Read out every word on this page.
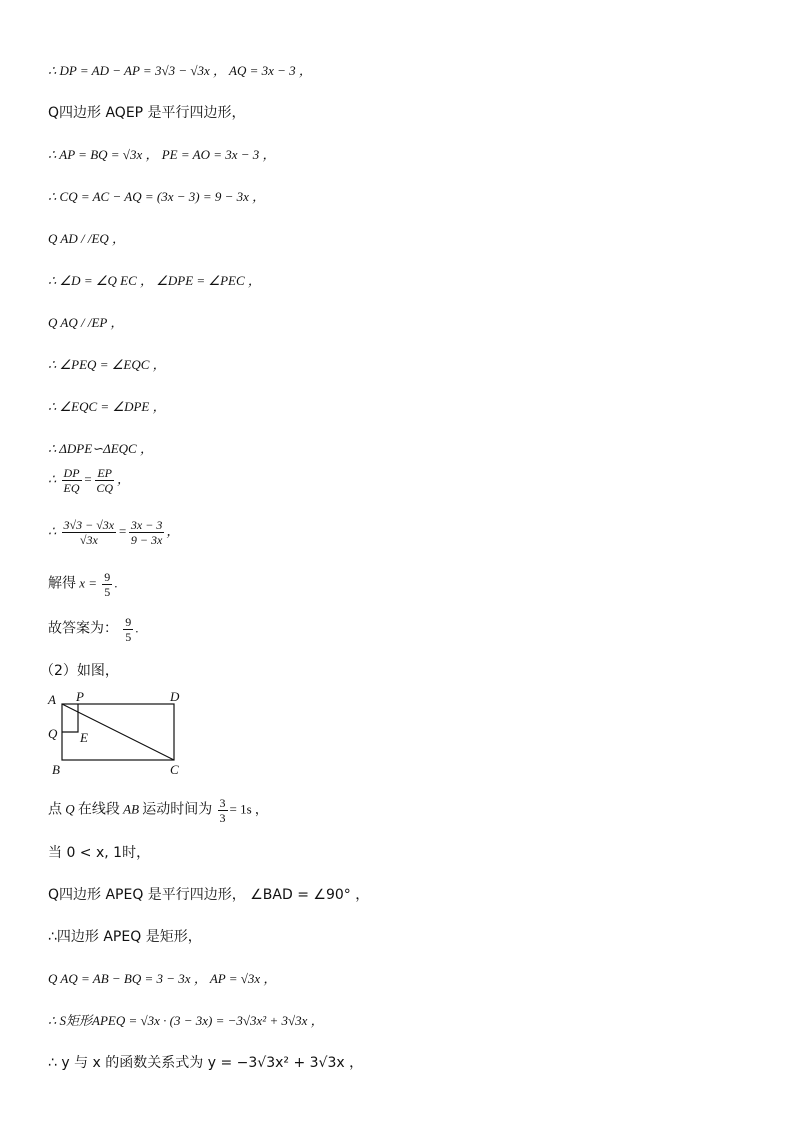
∴ DP = AD − AP = 3√3 − √3x ， AQ = 3x − 3 ，
Q四边形 AQEP 是平行四边形，
∴ AP = BQ = √3x ， PE = AO = 3x − 3 ，
∴ CQ = AC − AQ = (3x − 3) = 9 − 3x ，
Q AD / /EQ ，
∴ ∠D = ∠Q EC ， ∠DPE = ∠PEC ，
Q AQ / /EP ，
∴ ∠PEQ = ∠EQC ，
∴ ∠EQC = ∠DPE ，
∴ ΔDPE∽ΔEQC ，
∴ $\frac{DP}{EQ} = \frac{EP}{CQ}$ ，
∴ $\frac{3√3 - √3x}{√3x} = \frac{3x - 3}{9 - 3x}$ ，
解得 $x = \frac{9}{5}$ .
故答案为： $\frac{9}{5}$ .
（2）如图，
A P	D
Q E
B	C
点 Q 在线段 AB 运动时间为 $\frac{3}{3} = 1s$ ，
当 0 < x, 1时，
Q四边形 APEQ 是平行四边形， ∠BAD = ∠90° ，
∴四边形 APEQ 是矩形，
Q AQ = AB − BQ = 3 − 3x ， AP = √3x ，
∴ S矩形APEQ = √3x · (3 − 3x) = −3√3x² + 3√3x ，
∴ y 与 x 的函数关系式为 y = −3√3x² + 3√3x ，
